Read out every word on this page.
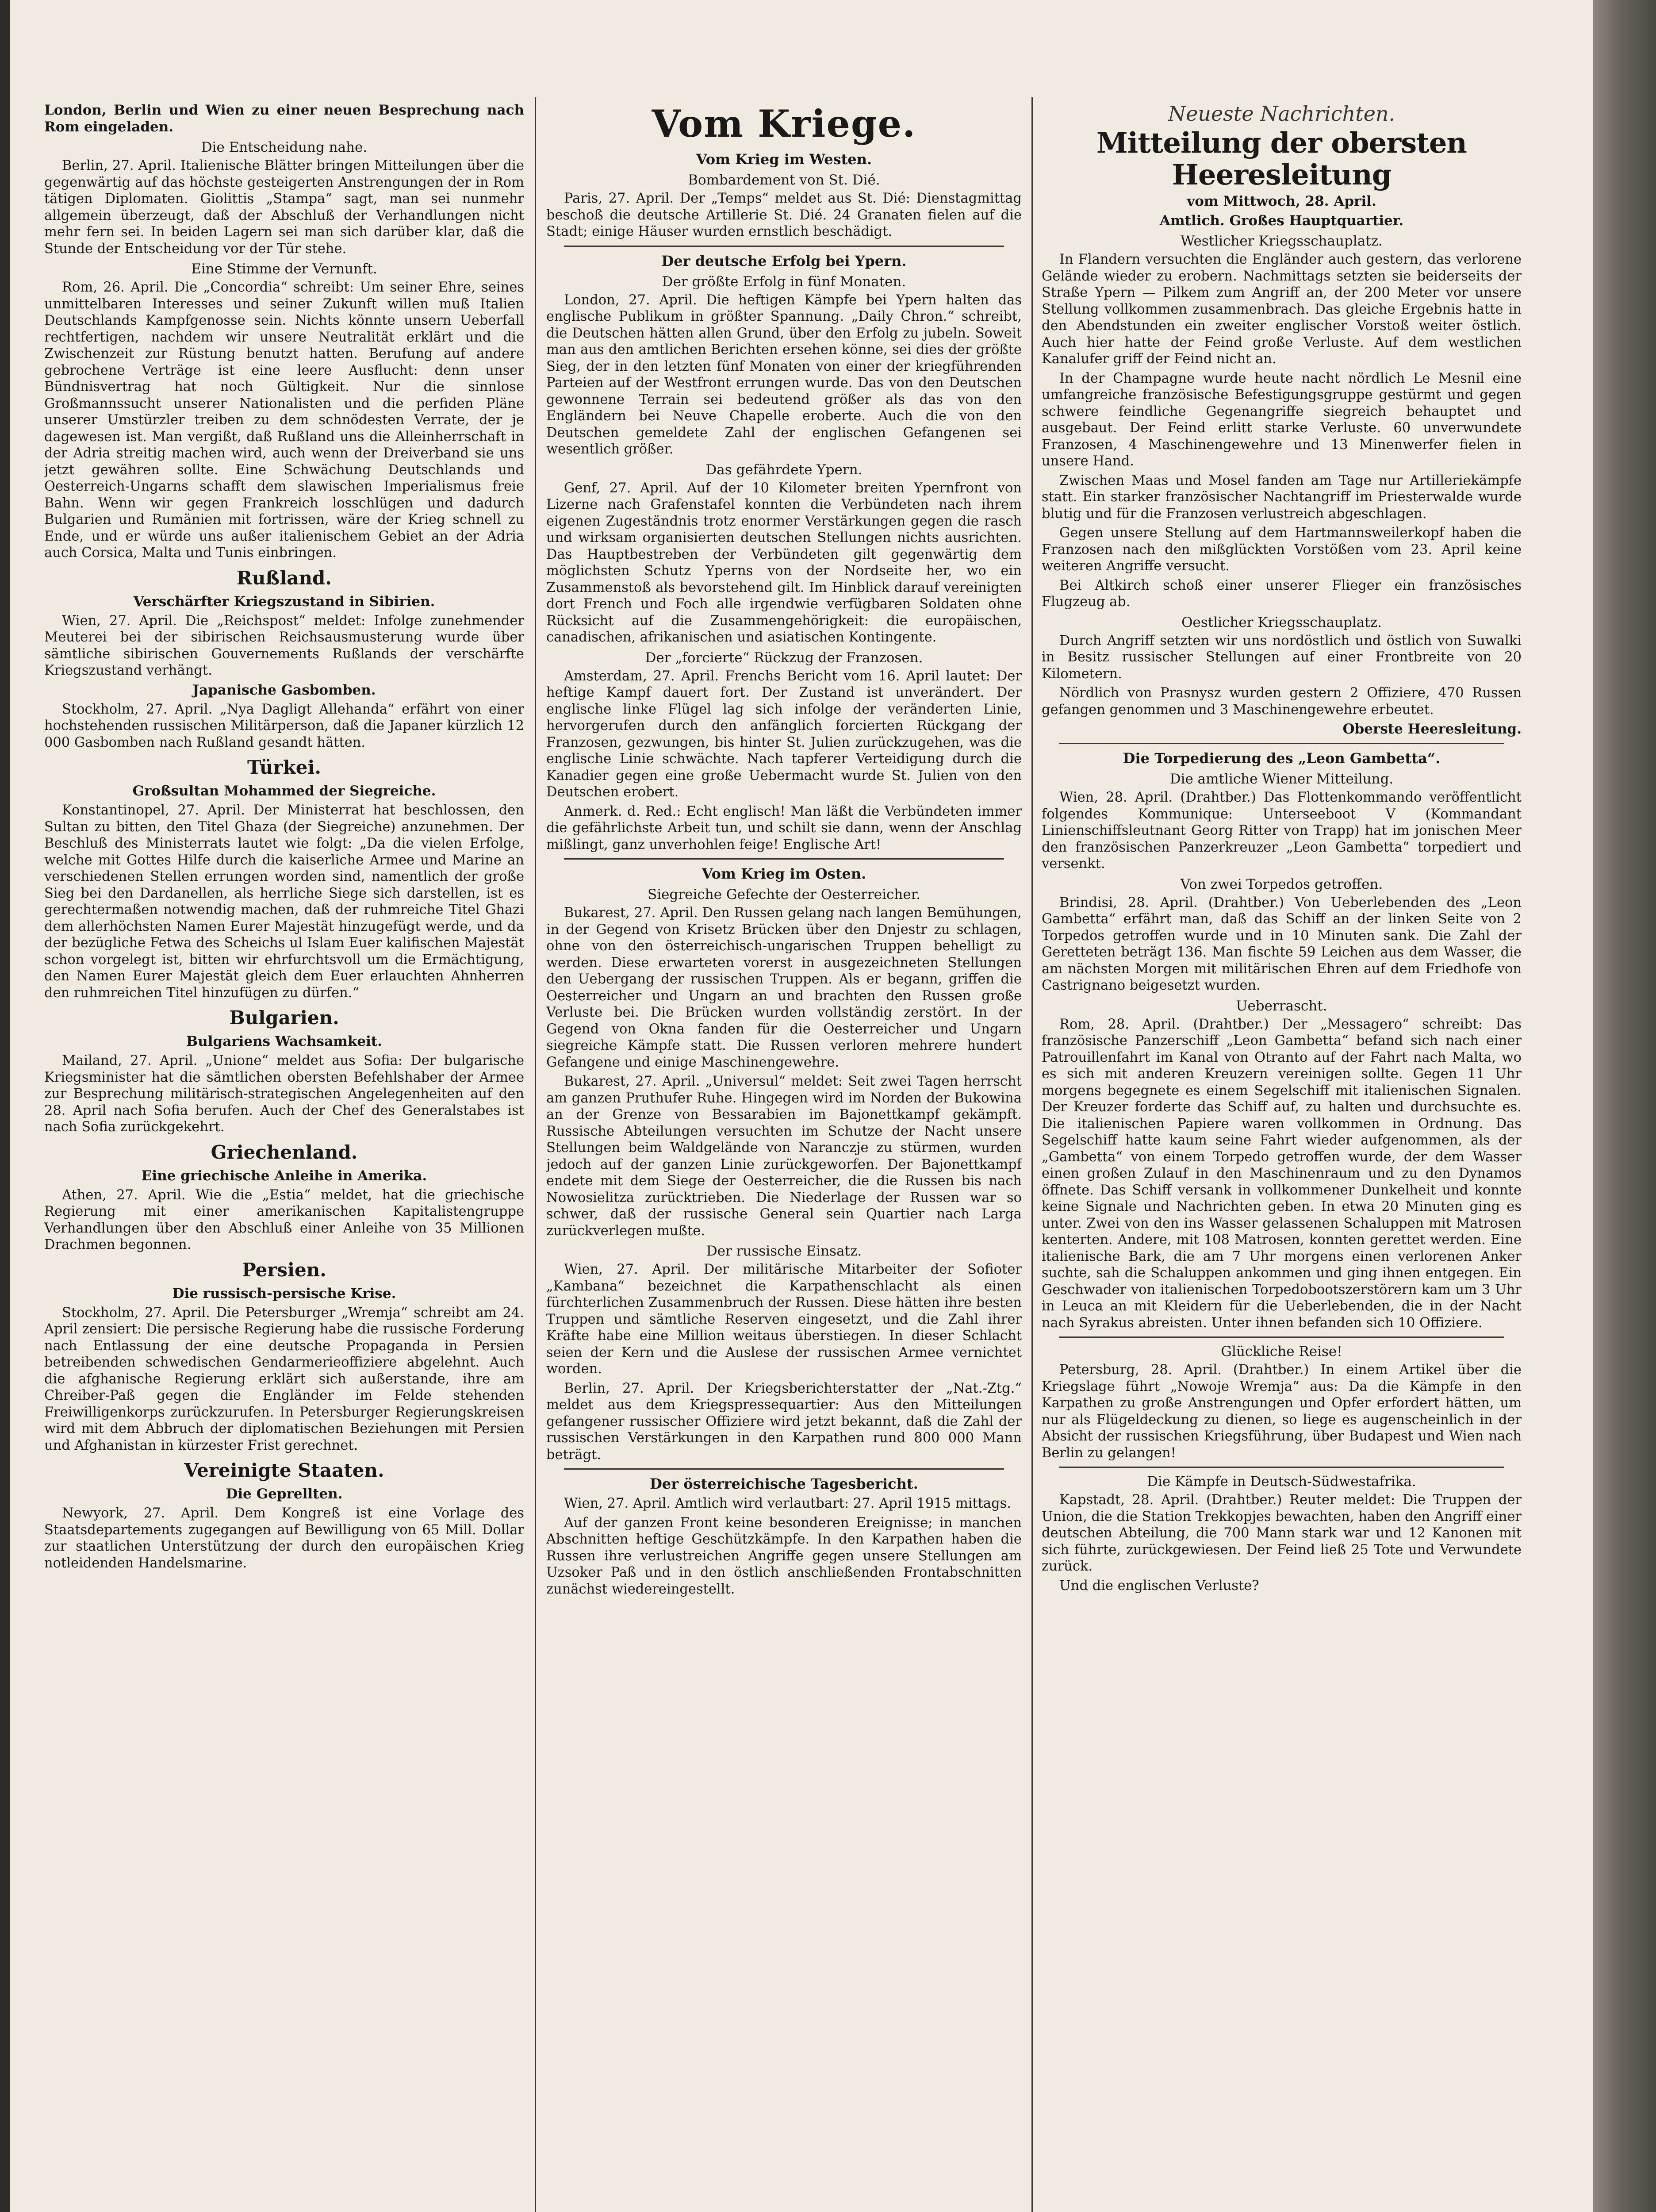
London, Berlin und Wien zu einer neuen Besprechung nach Rom eingeladen.

Die Entscheidung nahe.

Berlin, 27. April. Italienische Blätter bringen Mitteilungen über die gegenwärtig auf das höchste gesteigerten Anstrengungen der in Rom tätigen Diplomaten. Giolittis „Stampa“ sagt, man sei nunmehr allgemein überzeugt, daß der Abschluß der Verhandlungen nicht mehr fern sei. In beiden Lagern sei man sich darüber klar, daß die Stunde der Entscheidung vor der Tür stehe.

Eine Stimme der Vernunft.

Rom, 26. April. Die „Concordia“ schreibt: Um seiner Ehre, seines unmittelbaren Interesses und seiner Zukunft willen muß Italien Deutschlands Kampfgenosse sein. Nichts könnte unsern Ueberfall rechtfertigen, nachdem wir unsere Neutralität erklärt und die Zwischenzeit zur Rüstung benutzt hatten. Berufung auf andere gebrochene Verträge ist eine leere Ausflucht: denn unser Bündnisvertrag hat noch Gültigkeit. Nur die sinnlose Großmannssucht unserer Nationalisten und die perfiden Pläne unserer Umstürzler treiben zu dem schnödesten Verrate, der je dagewesen ist. Man vergißt, daß Rußland uns die Alleinherrschaft in der Adria streitig machen wird, auch wenn der Dreiverband sie uns jetzt gewähren sollte. Eine Schwächung Deutschlands und Oesterreich-Ungarns schafft dem slawischen Imperialismus freie Bahn. Wenn wir gegen Frankreich losschlügen und dadurch Bulgarien und Rumänien mit fortrissen, wäre der Krieg schnell zu Ende, und er würde uns außer italienischem Gebiet an der Adria auch Corsica, Malta und Tunis einbringen.

Rußland.
Verschärfter Kriegszustand in Sibirien.

Wien, 27. April. Die „Reichspost“ meldet: Infolge zunehmender Meuterei bei der sibirischen Reichsausmusterung wurde über sämtliche sibirischen Gouvernements Rußlands der verschärfte Kriegszustand verhängt.

Japanische Gasbomben.

Stockholm, 27. April. „Nya Dagligt Allehanda“ erfährt von einer hochstehenden russischen Militärperson, daß die Japaner kürzlich 12 000 Gasbomben nach Rußland gesandt hätten.

Türkei.
Großsultan Mohammed der Siegreiche.

Konstantinopel, 27. April. Der Ministerrat hat beschlossen, den Sultan zu bitten, den Titel Ghaza (der Siegreiche) anzunehmen. Der Beschluß des Ministerrats lautet wie folgt: „Da die vielen Erfolge, welche mit Gottes Hilfe durch die kaiserliche Armee und Marine an verschiedenen Stellen errungen worden sind, namentlich der große Sieg bei den Dardanellen, als herrliche Siege sich darstellen, ist es gerechtermaßen notwendig machen, daß der ruhmreiche Titel Ghazi dem allerhöchsten Namen Eurer Majestät hinzugefügt werde, und da der bezügliche Fetwa des Scheichs ul Islam Euer kalifischen Majestät schon vorgelegt ist, bitten wir ehrfurchtsvoll um die Ermächtigung, den Namen Eurer Majestät gleich dem Euer erlauchten Ahnherren den ruhmreichen Titel hinzufügen zu dürfen.“

Bulgarien.
Bulgariens Wachsamkeit.

Mailand, 27. April. „Unione“ meldet aus Sofia: Der bulgarische Kriegsminister hat die sämtlichen obersten Befehlshaber der Armee zur Besprechung militärisch-strategischen Angelegenheiten auf den 28. April nach Sofia berufen. Auch der Chef des Generalstabes ist nach Sofia zurückgekehrt.

Griechenland.
Eine griechische Anleihe in Amerika.

Athen, 27. April. Wie die „Estia“ meldet, hat die griechische Regierung mit einer amerikanischen Kapitalistengruppe Verhandlungen über den Abschluß einer Anleihe von 35 Millionen Drachmen begonnen.

Persien.
Die russisch-persische Krise.

Stockholm, 27. April. Die Petersburger „Wremja“ schreibt am 24. April zensiert: Die persische Regierung habe die russische Forderung nach Entlassung der eine deutsche Propaganda in Persien betreibenden schwedischen Gendarmerieoffiziere abgelehnt. Auch die afghanische Regierung erklärt sich außerstande, ihre am Chreiber-Paß gegen die Engländer im Felde stehenden Freiwilligenkorps zurückzurufen. In Petersburger Regierungskreisen wird mit dem Abbruch der diplomatischen Beziehungen mit Persien und Afghanistan in kürzester Frist gerechnet.

Vereinigte Staaten.
Die Geprellten.

Newyork, 27. April. Dem Kongreß ist eine Vorlage des Staatsdepartements zugegangen auf Bewilligung von 65 Mill. Dollar zur staatlichen Unterstützung der durch den europäischen Krieg notleidenden Handelsmarine.

Vom Kriege.
Vom Krieg im Westen.
Bombardement von St. Dié.

Paris, 27. April. Der „Temps“ meldet aus St. Dié: Dienstagmittag beschoß die deutsche Artillerie St. Dié. 24 Granaten fielen auf die Stadt; einige Häuser wurden ernstlich beschädigt.

Der deutsche Erfolg bei Ypern.
Der größte Erfolg in fünf Monaten.

London, 27. April. Die heftigen Kämpfe bei Ypern halten das englische Publikum in größter Spannung. „Daily Chron.“ schreibt, die Deutschen hätten allen Grund, über den Erfolg zu jubeln. Soweit man aus den amtlichen Berichten ersehen könne, sei dies der größte Sieg, der in den letzten fünf Monaten von einer der kriegführenden Parteien auf der Westfront errungen wurde. Das von den Deutschen gewonnene Terrain sei bedeutend größer als das von den Engländern bei Neuve Chapelle eroberte. Auch die von den Deutschen gemeldete Zahl der englischen Gefangenen sei wesentlich größer.

Das gefährdete Ypern.

Genf, 27. April. Auf der 10 Kilometer breiten Ypernfront von Lizerne nach Grafenstafel konnten die Verbündeten nach ihrem eigenen Zugeständnis trotz enormer Verstärkungen gegen die rasch und wirksam organisierten deutschen Stellungen nichts ausrichten. Das Hauptbestreben der Verbündeten gilt gegenwärtig dem möglichsten Schutz Yperns von der Nordseite her, wo ein Zusammenstoß als bevorstehend gilt. Im Hinblick darauf vereinigten dort French und Foch alle irgendwie verfügbaren Soldaten ohne Rücksicht auf die Zusammengehörigkeit: die europäischen, canadischen, afrikanischen und asiatischen Kontingente.

Der „forcierte“ Rückzug der Franzosen.

Amsterdam, 27. April. Frenchs Bericht vom 16. April lautet: Der heftige Kampf dauert fort. Der Zustand ist unverändert. Der englische linke Flügel lag sich infolge der veränderten Linie, hervorgerufen durch den anfänglich forcierten Rückgang der Franzosen, gezwungen, bis hinter St. Julien zurückzugehen, was die englische Linie schwächte. Nach tapferer Verteidigung durch die Kanadier gegen eine große Uebermacht wurde St. Julien von den Deutschen erobert.

Anmerk. d. Red.: Echt englisch! Man läßt die Verbündeten immer die gefährlichste Arbeit tun, und schilt sie dann, wenn der Anschlag mißlingt, ganz unverhohlen feige! Englische Art!

Vom Krieg im Osten.
Siegreiche Gefechte der Oesterreicher.

Bukarest, 27. April. Den Russen gelang nach langen Bemühungen, in der Gegend von Krisetz Brücken über den Dnjestr zu schlagen, ohne von den österreichisch-ungarischen Truppen behelligt zu werden. Diese erwarteten vorerst in ausgezeichneten Stellungen den Uebergang der russischen Truppen. Als er begann, griffen die Oesterreicher und Ungarn an und brachten den Russen große Verluste bei. Die Brücken wurden vollständig zerstört. In der Gegend von Okna fanden für die Oesterreicher und Ungarn siegreiche Kämpfe statt. Die Russen verloren mehrere hundert Gefangene und einige Maschinengewehre.

Bukarest, 27. April. „Universul“ meldet: Seit zwei Tagen herrscht am ganzen Pruthufer Ruhe. Hingegen wird im Norden der Bukowina an der Grenze von Bessarabien im Bajonettkampf gekämpft. Russische Abteilungen versuchten im Schutze der Nacht unsere Stellungen beim Waldgelände von Naranczje zu stürmen, wurden jedoch auf der ganzen Linie zurückgeworfen. Der Bajonettkampf endete mit dem Siege der Oesterreicher, die die Russen bis nach Nowosielitza zurücktrieben. Die Niederlage der Russen war so schwer, daß der russische General sein Quartier nach Larga zurückverlegen mußte.

Der russische Einsatz.

Wien, 27. April. Der militärische Mitarbeiter der Sofioter „Kambana“ bezeichnet die Karpathenschlacht als einen fürchterlichen Zusammenbruch der Russen. Diese hätten ihre besten Truppen und sämtliche Reserven eingesetzt, und die Zahl ihrer Kräfte habe eine Million weitaus überstiegen. In dieser Schlacht seien der Kern und die Auslese der russischen Armee vernichtet worden.

Berlin, 27. April. Der Kriegsberichterstatter der „Nat.-Ztg.“ meldet aus dem Kriegspressequartier: Aus den Mitteilungen gefangener russischer Offiziere wird jetzt bekannt, daß die Zahl der russischen Verstärkungen in den Karpathen rund 800 000 Mann beträgt.

Der österreichische Tagesbericht.

Wien, 27. April. Amtlich wird verlautbart: 27. April 1915 mittags.

Auf der ganzen Front keine besonderen Ereignisse; in manchen Abschnitten heftige Geschützkämpfe. In den Karpathen haben die Russen ihre verlustreichen Angriffe gegen unsere Stellungen am Uzsoker Paß und in den östlich anschließenden Frontabschnitten zunächst wiedereingestellt.

Neueste Nachrichten.
Mitteilung der obersten Heeresleitung
vom Mittwoch, 28. April.
Amtlich. Großes Hauptquartier.
Westlicher Kriegsschauplatz.

In Flandern versuchten die Engländer auch gestern, das verlorene Gelände wieder zu erobern. Nachmittags setzten sie beiderseits der Straße Ypern — Pilkem zum Angriff an, der 200 Meter vor unsere Stellung vollkommen zusammenbrach. Das gleiche Ergebnis hatte in den Abendstunden ein zweiter englischer Vorstoß weiter östlich. Auch hier hatte der Feind große Verluste. Auf dem westlichen Kanalufer griff der Feind nicht an.

In der Champagne wurde heute nacht nördlich Le Mesnil eine umfangreiche französische Befestigungsgruppe gestürmt und gegen schwere feindliche Gegenangriffe siegreich behauptet und ausgebaut. Der Feind erlitt starke Verluste. 60 unverwundete Franzosen, 4 Maschinengewehre und 13 Minenwerfer fielen in unsere Hand.

Zwischen Maas und Mosel fanden am Tage nur Artilleriekämpfe statt. Ein starker französischer Nachtangriff im Priesterwalde wurde blutig und für die Franzosen verlustreich abgeschlagen.

Gegen unsere Stellung auf dem Hartmannsweilerkopf haben die Franzosen nach den mißglückten Vorstößen vom 23. April keine weiteren Angriffe versucht.

Bei Altkirch schoß einer unserer Flieger ein französisches Flugzeug ab.

Oestlicher Kriegsschauplatz.

Durch Angriff setzten wir uns nordöstlich und östlich von Suwalki in Besitz russischer Stellungen auf einer Frontbreite von 20 Kilometern.

Nördlich von Prasnysz wurden gestern 2 Offiziere, 470 Russen gefangen genommen und 3 Maschinengewehre erbeutet.

Oberste Heeresleitung.
Die Torpedierung des „Leon Gambetta“.
Die amtliche Wiener Mitteilung.

Wien, 28. April. (Drahtber.) Das Flottenkommando veröffentlicht folgendes Kommunique: Unterseeboot V (Kommandant Linienschiffsleutnant Georg Ritter von Trapp) hat im jonischen Meer den französischen Panzerkreuzer „Leon Gambetta“ torpediert und versenkt.

Von zwei Torpedos getroffen.

Brindisi, 28. April. (Drahtber.) Von Ueberlebenden des „Leon Gambetta“ erfährt man, daß das Schiff an der linken Seite von 2 Torpedos getroffen wurde und in 10 Minuten sank. Die Zahl der Geretteten beträgt 136. Man fischte 59 Leichen aus dem Wasser, die am nächsten Morgen mit militärischen Ehren auf dem Friedhofe von Castrignano beigesetzt wurden.

Ueberrascht.

Rom, 28. April. (Drahtber.) Der „Messagero“ schreibt: Das französische Panzerschiff „Leon Gambetta“ befand sich nach einer Patrouillenfahrt im Kanal von Otranto auf der Fahrt nach Malta, wo es sich mit anderen Kreuzern vereinigen sollte. Gegen 11 Uhr morgens begegnete es einem Segelschiff mit italienischen Signalen. Der Kreuzer forderte das Schiff auf, zu halten und durchsuchte es. Die italienischen Papiere waren vollkommen in Ordnung. Das Segelschiff hatte kaum seine Fahrt wieder aufgenommen, als der „Gambetta“ von einem Torpedo getroffen wurde, der dem Wasser einen großen Zulauf in den Maschinenraum und zu den Dynamos öffnete. Das Schiff versank in vollkommener Dunkelheit und konnte keine Signale und Nachrichten geben. In etwa 20 Minuten ging es unter. Zwei von den ins Wasser gelassenen Schaluppen mit Matrosen kenterten. Andere, mit 108 Matrosen, konnten gerettet werden. Eine italienische Bark, die am 7 Uhr morgens einen verlorenen Anker suchte, sah die Schaluppen ankommen und ging ihnen entgegen. Ein Geschwader von italienischen Torpedobootszerstörern kam um 3 Uhr in Leuca an mit Kleidern für die Ueberlebenden, die in der Nacht nach Syrakus abreisten. Unter ihnen befanden sich 10 Offiziere.

Glückliche Reise!

Petersburg, 28. April. (Drahtber.) In einem Artikel über die Kriegslage führt „Nowoje Wremja“ aus: Da die Kämpfe in den Karpathen zu große Anstrengungen und Opfer erfordert hätten, um nur als Flügeldeckung zu dienen, so liege es augenscheinlich in der Absicht der russischen Kriegsführung, über Budapest und Wien nach Berlin zu gelangen!

Die Kämpfe in Deutsch-Südwestafrika.

Kapstadt, 28. April. (Drahtber.) Reuter meldet: Die Truppen der Union, die die Station Trekkopjes bewachten, haben den Angriff einer deutschen Abteilung, die 700 Mann stark war und 12 Kanonen mit sich führte, zurückgewiesen. Der Feind ließ 25 Tote und Verwundete zurück.

Und die englischen Verluste?
